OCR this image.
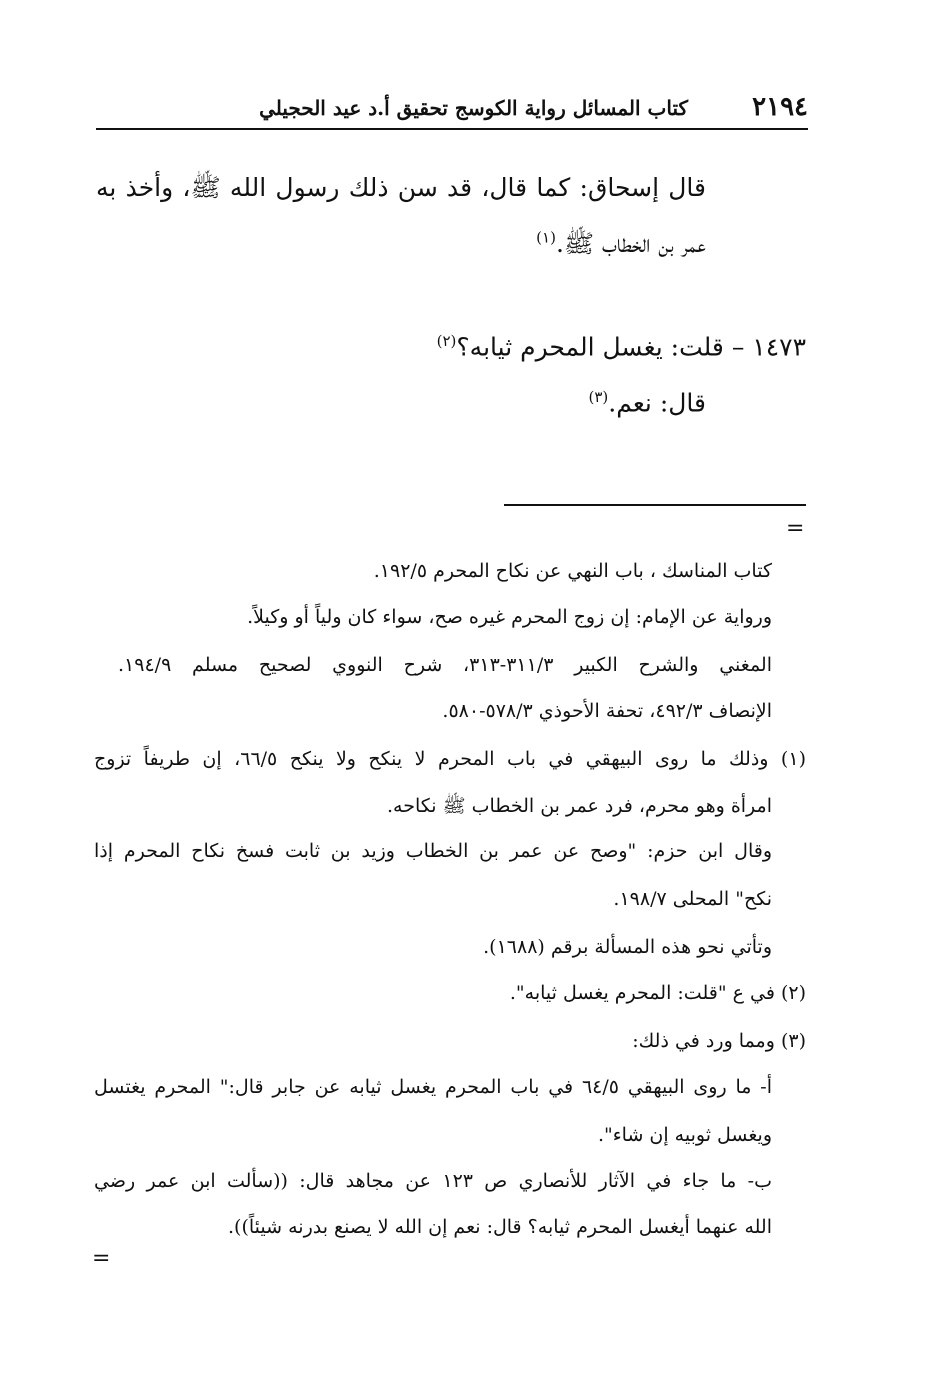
٢١٩٤
كتاب المسائل رواية الكوسج تحقيق أ.د عيد الحجيلي
قال إسحاق: كما قال، قد سن ذلك رسول الله ﷺ، وأخذ به
عمر بن الخطاب ﷺ.$^{(١)}$
١٤٧٣ – قلت: يغسل المحرم ثيابه؟$^{(٢)}$
قال: نعم.$^{(٣)}$
=
كتاب المناسك ، باب النهي عن نكاح المحرم ١٩٢/٥.
ورواية عن الإمام: إن زوج المحرم غيره صح، سواء كان ولياً أو وكيلاً.
المغني والشرح الكبير ٣١١/٣-٣١٣، شرح النووي لصحيح مسلم ١٩٤/٩.
الإنصاف ٤٩٢/٣، تحفة الأحوذي ٥٧٨/٣-٥٨٠.
(١) وذلك ما روى البيهقي في باب المحرم لا ينكح ولا ينكح ٦٦/٥، إن طريفاً تزوج
امرأة وهو محرم، فرد عمر بن الخطاب ﷺ نكاحه.
وقال ابن حزم: "وصح عن عمر بن الخطاب وزيد بن ثابت فسخ نكاح المحرم إذا
نكح" المحلى ١٩٨/٧.
وتأتي نحو هذه المسألة برقم (١٦٨٨).
(٢) في ع "قلت: المحرم يغسل ثيابه".
(٣) ومما ورد في ذلك:
أ- ما روى البيهقي ٦٤/٥ في باب المحرم يغسل ثيابه عن جابر قال:" المحرم يغتسل
ويغسل ثوبيه إن شاء".
ب- ما جاء في الآثار للأنصاري ص ١٢٣ عن مجاهد قال: ((سألت ابن عمر رضي
الله عنهما أيغسل المحرم ثيابه؟ قال: نعم إن الله لا يصنع بدرنه شيئاً)).
=
